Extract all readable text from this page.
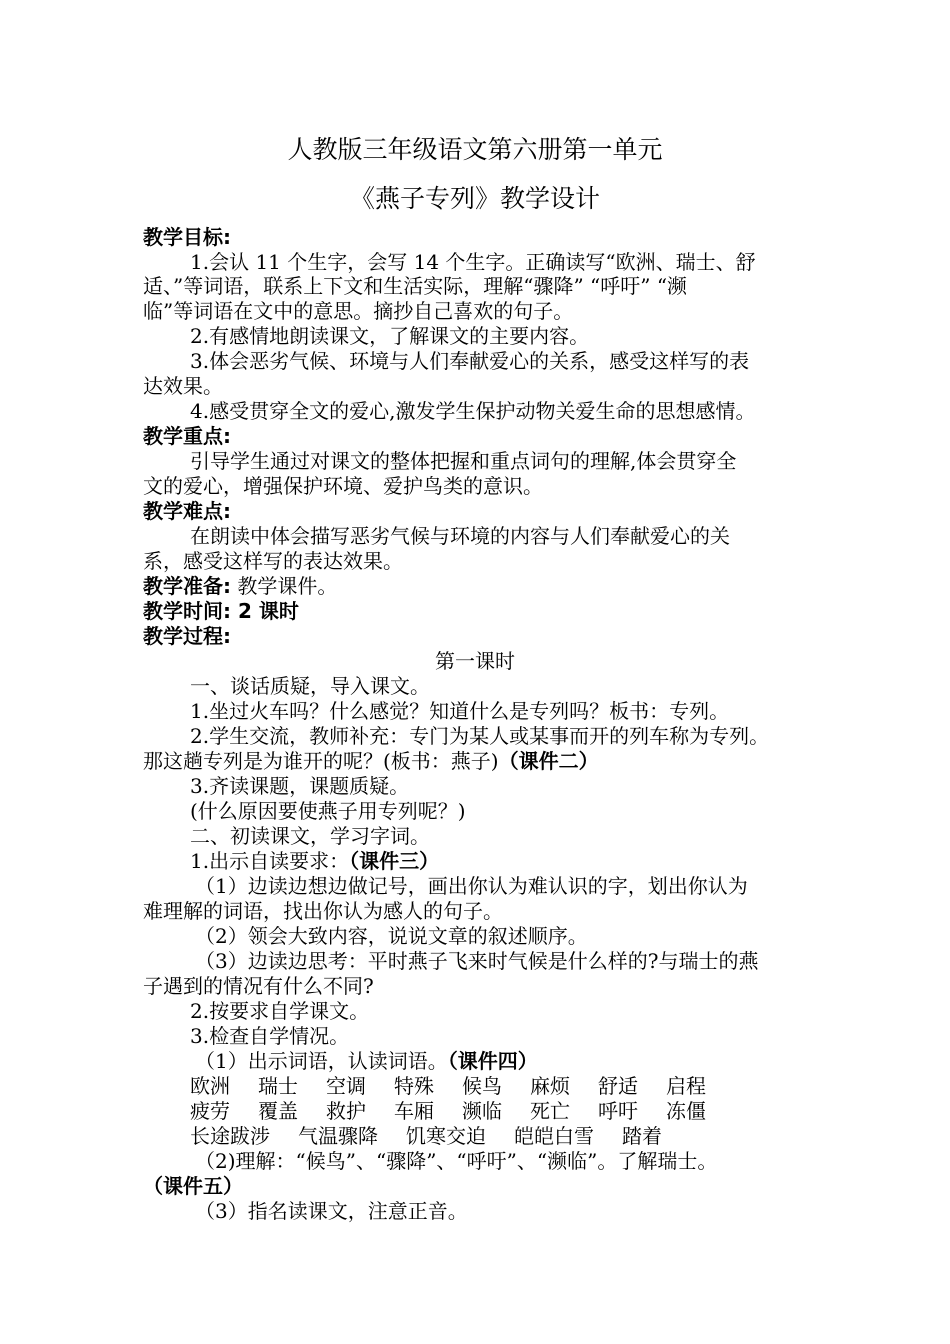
人教版三年级语文第六册第一单元
《燕子专列》教学设计
教学目标:
1.会认 11 个生字，会写 14 个生字。正确读写“欧洲、瑞士、舒
适、”等词语，联系上下文和生活实际，理解“骤降” “呼吁” “濒
临”等词语在文中的意思。摘抄自己喜欢的句子。
2.有感情地朗读课文，了解课文的主要内容。
3.体会恶劣气候、环境与人们奉献爱心的关系，感受这样写的表
达效果。
4.感受贯穿全文的爱心,激发学生保护动物关爱生命的思想感情。
教学重点:
引导学生通过对课文的整体把握和重点词句的理解,体会贯穿全
文的爱心，增强保护环境、爱护鸟类的意识。
教学难点:
在朗读中体会描写恶劣气候与环境的内容与人们奉献爱心的关
系，感受这样写的表达效果。
教学准备: 教学课件。
教学时间: 2 课时
教学过程:
第一课时
一、谈话质疑，导入课文。
1.坐过火车吗？什么感觉？知道什么是专列吗？板书：专列。
2.学生交流，教师补充：专门为某人或某事而开的列车称为专列。
那这趟专列是为谁开的呢？(板书：燕子)（课件二）
3.齐读课题，课题质疑。
(什么原因要使燕子用专列呢？)
二、初读课文，学习字词。
1.出示自读要求：（课件三）
（1）边读边想边做记号，画出你认为难认识的字，划出你认为
难理解的词语，找出你认为感人的句子。
（2）领会大致内容，说说文章的叙述顺序。
（3）边读边思考：平时燕子飞来时气候是什么样的?与瑞士的燕
子遇到的情况有什么不同?
2.按要求自学课文。
3.检查自学情况。
（1）出示词语，认读词语。（课件四）
欧洲 瑞士 空调 特殊 候鸟 麻烦 舒适 启程
疲劳 覆盖 救护 车厢 濒临 死亡 呼吁 冻僵
长途跋涉 气温骤降 饥寒交迫 皑皑白雪 踏着
（2)理解：“候鸟”、“骤降”、“呼吁”、“濒临”。了解瑞士。
（课件五）
（3）指名读课文，注意正音。
